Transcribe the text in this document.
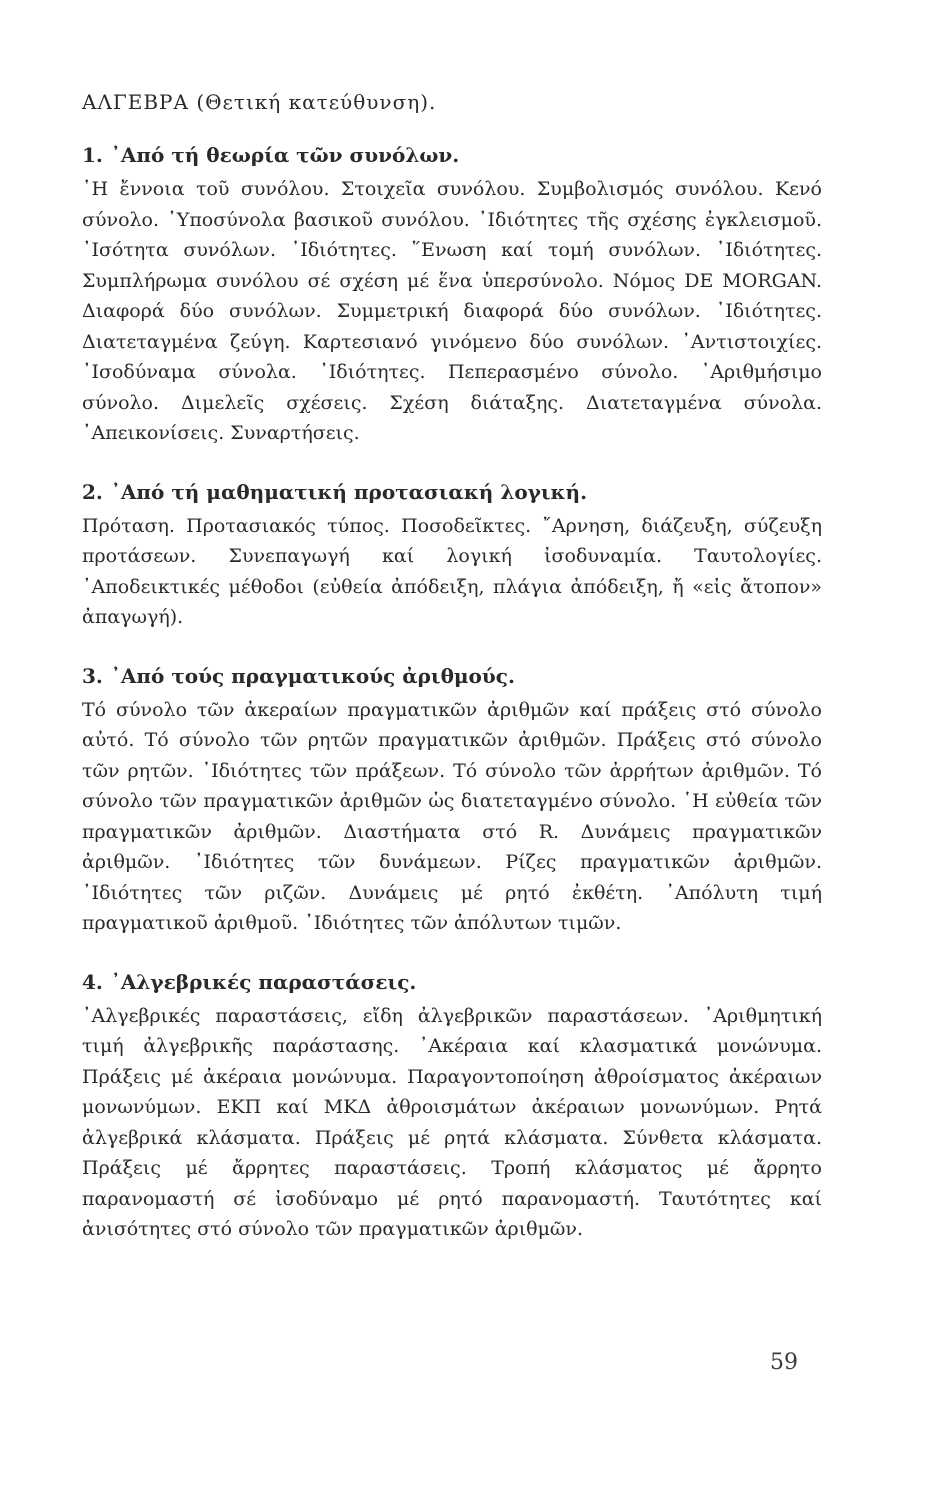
ΑΛΓΕΒΡΑ (Θετική κατεύθυνση).
1. ᾿Από τή θεωρία τῶν συνόλων.

῾Η ἔννοια τοῦ συνόλου. Στοιχεῖα συνόλου. Συμβολισμός συνόλου. Κενό σύνολο. ῾Υποσύνολα βασικοῦ συνόλου. ᾿Ιδιότητες τῆς σχέσης ἐγκλεισμοῦ. ᾿Ισότητα συνόλων. ᾿Ιδιότητες. ῞Ενωση καί τομή συνόλων. ᾿Ιδιότητες. Συμπλήρωμα συνόλου σέ σχέση μέ ἕνα ὑπερσύνολο. Νόμος DE MORGAN. Διαφορά δύο συνόλων. Συμμετρική διαφορά δύο συνόλων. ᾿Ιδιότητες. Διατεταγμένα ζεύγη. Καρτεσιανό γινόμενο δύο συνόλων. ᾿Αντιστοιχίες. ᾿Ισοδύναμα σύνολα. ᾿Ιδιότητες. Πεπερασμένο σύνολο. ᾿Αριθμήσιμο σύνολο. Διμελεῖς σχέσεις. Σχέση διάταξης. Διατεταγμένα σύνολα. ᾿Απεικονίσεις. Συναρτήσεις.

2. ᾿Από τή μαθηματική προτασιακή λογική.

Πρόταση. Προτασιακός τύπος. Ποσοδεῖκτες. ῎Αρνηση, διάζευξη, σύζευξη προτάσεων. Συνεπαγωγή καί λογική ἰσοδυναμία. Ταυτολογίες. ᾿Αποδεικτικές μέθοδοι (εὐθεία ἀπόδειξη, πλάγια ἀπόδειξη, ἤ «εἰς ἄτοπον» ἀπαγωγή).

3. ᾿Από τούς πραγματικούς ἀριθμούς.

Τό σύνολο τῶν ἀκεραίων πραγματικῶν ἀριθμῶν καί πράξεις στό σύνολο αὐτό. Τό σύνολο τῶν ρητῶν πραγματικῶν ἀριθμῶν. Πράξεις στό σύνολο τῶν ρητῶν. ᾿Ιδιότητες τῶν πράξεων. Τό σύνολο τῶν ἀρρήτων ἀριθμῶν. Τό σύνολο τῶν πραγματικῶν ἀριθμῶν ὡς διατεταγμένο σύνολο. ῾Η εὐθεία τῶν πραγματικῶν ἀριθμῶν. Διαστήματα στό R. Δυνάμεις πραγματικῶν ἀριθμῶν. ᾿Ιδιότητες τῶν δυνάμεων. Ρίζες πραγματικῶν ἀριθμῶν. ᾿Ιδιότητες τῶν ριζῶν. Δυνάμεις μέ ρητό ἐκθέτη. ᾿Απόλυτη τιμή πραγματικοῦ ἀριθμοῦ. ᾿Ιδιότητες τῶν ἀπόλυτων τιμῶν.

4. ᾿Αλγεβρικές παραστάσεις.

᾿Αλγεβρικές παραστάσεις, εἴδη ἀλγεβρικῶν παραστάσεων. ᾿Αριθμητική τιμή ἀλγεβρικῆς παράστασης. ᾿Ακέραια καί κλασματικά μονώνυμα. Πράξεις μέ ἀκέραια μονώνυμα. Παραγοντοποίηση ἀθροίσματος ἀκέραιων μονωνύμων. ΕΚΠ καί ΜΚΔ ἀθροισμάτων ἀκέραιων μονωνύμων. Ρητά ἀλγεβρικά κλάσματα. Πράξεις μέ ρητά κλάσματα. Σύνθετα κλάσματα. Πράξεις μέ ἄρρητες παραστάσεις. Τροπή κλάσματος μέ ἄρρητο παρανομαστή σέ ἰσοδύναμο μέ ρητό παρανομαστή. Ταυτότητες καί ἀνισότητες στό σύνολο τῶν πραγματικῶν ἀριθμῶν.

59
